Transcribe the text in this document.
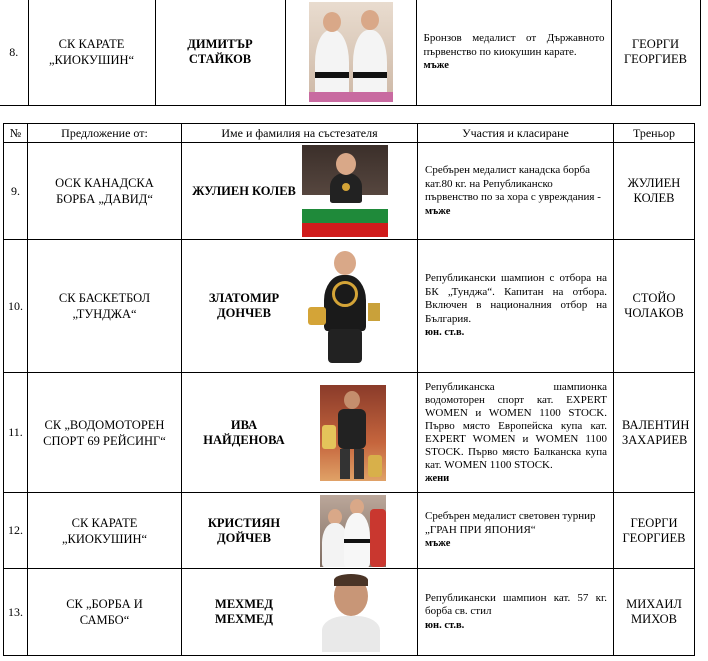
8.	СК КАРАТЕ „КИОКУШИН“	ДИМИТЪР СТАЙКОВ	
	Бронзов медалист от Държавното първенство по киокушин карате.
мъже
	ГЕОРГИ ГЕОРГИЕВ
№	Предложение от:	Име и фамилия на състезателя	Участия и класиране	Треньор
9.	ОСК КАНАДСКА БОРБА „ДАВИД“	ЖУЛИЕН КОЛЕВ	Сребърен медалист канадска борба кат.80 кг. на Републиканско първенство по за хора с увреждания - мъже	ЖУЛИЕН КОЛЕВ
10.	СК БАСКЕТБОЛ „ТУНДЖА“	ЗЛАТОМИР ДОНЧЕВ	Републикански шампион с отбора на БК „Тунджа“. Капитан на отбора. Включен в националния отбор на България.
юн. ст.в.	СТОЙО ЧОЛАКОВ
11.	СК „ВОДОМОТОРЕН СПОРТ 69 РЕЙСИНГ“	ИВА НАЙДЕНОВА	Републиканска шампионка водомоторен спорт кат. EXPERT WOMEN и WOMEN 1100 STOCK. Първо място Европейска купа кат. EXPERT WOMEN и WOMEN 1100 STOCK. Първо място Балканска купа кат. WOMEN 1100 STOCK.
жени	ВАЛЕНТИН ЗАХАРИЕВ
12.	СК КАРАТЕ „КИОКУШИН“	КРИСТИЯН ДОЙЧЕВ	Сребърен медалист световен турнир „ГРАН ПРИ ЯПОНИЯ“
мъже	ГЕОРГИ ГЕОРГИЕВ
13.	СК „БОРБА И САМБО“	МЕХМЕД МЕХМЕД	Републикански шампион кат. 57 кг. борба св. стил
юн. ст.в.	МИХАИЛ МИХОВ
